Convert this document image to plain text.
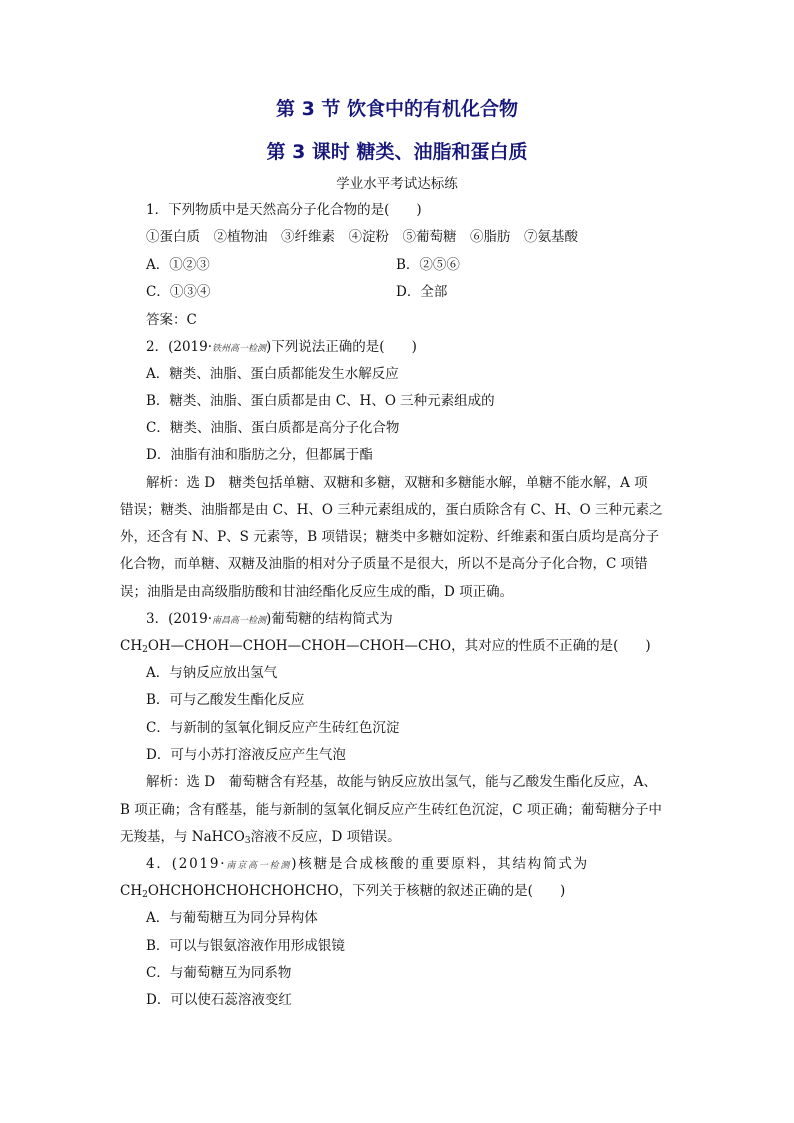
第 3 节 饮食中的有机化合物
第 3 课时 糖类、油脂和蛋白质
学业水平考试达标练
1．下列物质中是天然高分子化合物的是(　　)
①蛋白质　②植物油　③纤维素　④淀粉　⑤葡萄糖　⑥脂肪　⑦氨基酸
A．①②③	B．②⑤⑥
C．①③④	D．全部
答案：C
2．(2019·铁州高一检测)下列说法正确的是(　　)
A．糖类、油脂、蛋白质都能发生水解反应
B．糖类、油脂、蛋白质都是由 C、H、O 三种元素组成的
C．糖类、油脂、蛋白质都是高分子化合物
D．油脂有油和脂肪之分，但都属于酯
解析：选 D　糖类包括单糖、双糖和多糖，双糖和多糖能水解，单糖不能水解，A 项
错误；糖类、油脂都是由 C、H、O 三种元素组成的，蛋白质除含有 C、H、O 三种元素之
外，还含有 N、P、S 元素等，B 项错误；糖类中多糖如淀粉、纤维素和蛋白质均是高分子
化合物，而单糖、双糖及油脂的相对分子质量不是很大，所以不是高分子化合物，C 项错
误；油脂是由高级脂肪酸和甘油经酯化反应生成的酯，D 项正确。
3．(2019·南昌高一检测)葡萄糖的结构简式为
$CH_2OH—CHOH—CHOH—CHOH—CHOH—CHO$，其对应的性质不正确的是(　　)
A．与钠反应放出氢气
B．可与乙酸发生酯化反应
C．与新制的氢氧化铜反应产生砖红色沉淀
D．可与小苏打溶液反应产生气泡
解析：选 D　葡萄糖含有羟基，故能与钠反应放出氢气，能与乙酸发生酯化反应，A、
B 项正确；含有醛基，能与新制的氢氧化铜反应产生砖红色沉淀，C 项正确；葡萄糖分子中
无羧基，与 NaHCO$_3$溶液不反应，D 项错误。
4．(2019·南京高一检测)核糖是合成核酸的重要原料，其结构简式为
$CH_2OHCHOHCHOHCHOHCHO$，下列关于核糖的叙述正确的是(　　)
A．与葡萄糖互为同分异构体
B．可以与银氨溶液作用形成银镜
C．与葡萄糖互为同系物
D．可以使石蕊溶液变红
